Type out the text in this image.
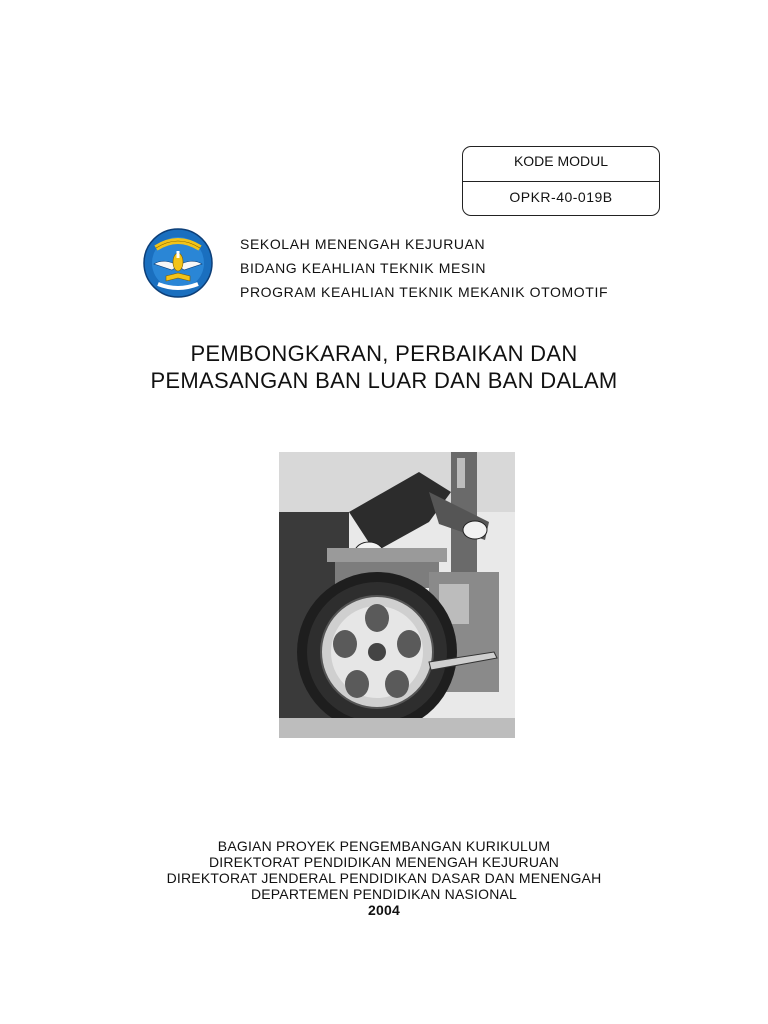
KODE MODUL
OPKR-40-019B
SEKOLAH MENENGAH KEJURUAN
BIDANG KEAHLIAN TEKNIK MESIN
PROGRAM KEAHLIAN TEKNIK MEKANIK OTOMOTIF
PEMBONGKARAN, PERBAIKAN DAN
PEMASANGAN BAN LUAR DAN BAN DALAM
BAGIAN PROYEK PENGEMBANGAN KURIKULUM
DIREKTORAT PENDIDIKAN MENENGAH KEJURUAN
DIREKTORAT JENDERAL PENDIDIKAN DASAR DAN MENENGAH
DEPARTEMEN PENDIDIKAN NASIONAL
2004
